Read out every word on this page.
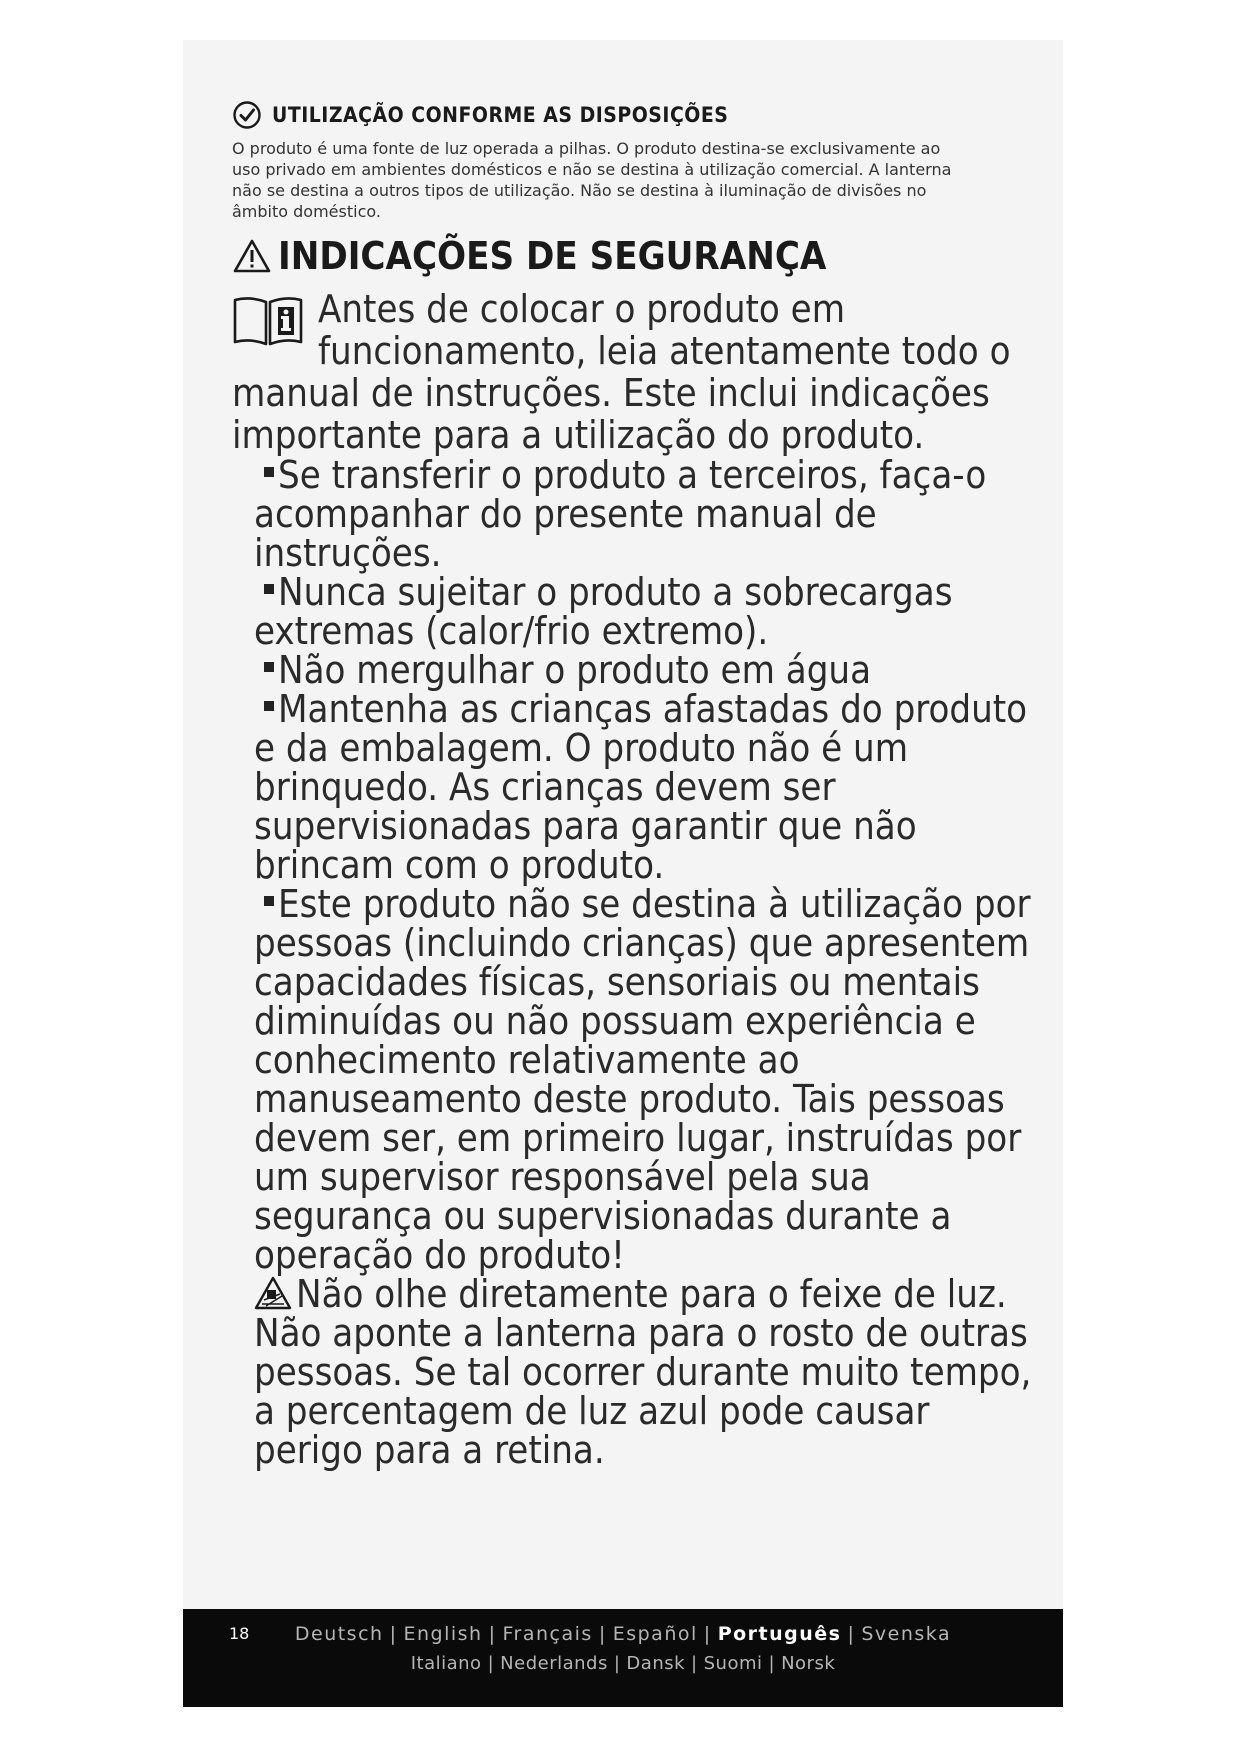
UTILIZAÇÃO CONFORME AS DISPOSIÇÕES
O produto é uma fonte de luz operada a pilhas. O produto destina-se exclusivamente ao uso privado em ambientes domésticos e não se destina à utilização comercial. A lanterna não se destina a outros tipos de utilização. Não se destina à iluminação de divisões no âmbito doméstico.
INDICAÇÕES DE SEGURANÇA
Antes de colocar o produto em funcionamento, leia atentamente todo o manual de instruções. Este inclui indicações importante para a utilização do produto.
Se transferir o produto a terceiros, faça-o acompanhar do presente manual de instruções.
Nunca sujeitar o produto a sobrecargas extremas (calor/frio extremo).
Não mergulhar o produto em água
Mantenha as crianças afastadas do produto e da embalagem. O produto não é um brinquedo. As crianças devem ser supervisionadas para garantir que não brincam com o produto.
Este produto não se destina à utilização por pessoas (incluindo crianças) que apresentem capacidades físicas, sensoriais ou mentais diminuídas ou não possuam experiência e conhecimento relativamente ao manuseamento deste produto. Tais pessoas devem ser, em primeiro lugar, instruídas por um supervisor responsável pela sua segurança ou supervisionadas durante a operação do produto!
Não olhe diretamente para o feixe de luz. Não aponte a lanterna para o rosto de outras pessoas. Se tal ocorrer durante muito tempo, a percentagem de luz azul pode causar perigo para a retina.
18	Deutsch | English | Français | Español | Português | Svenska
Italiano | Nederlands | Dansk | Suomi | Norsk
